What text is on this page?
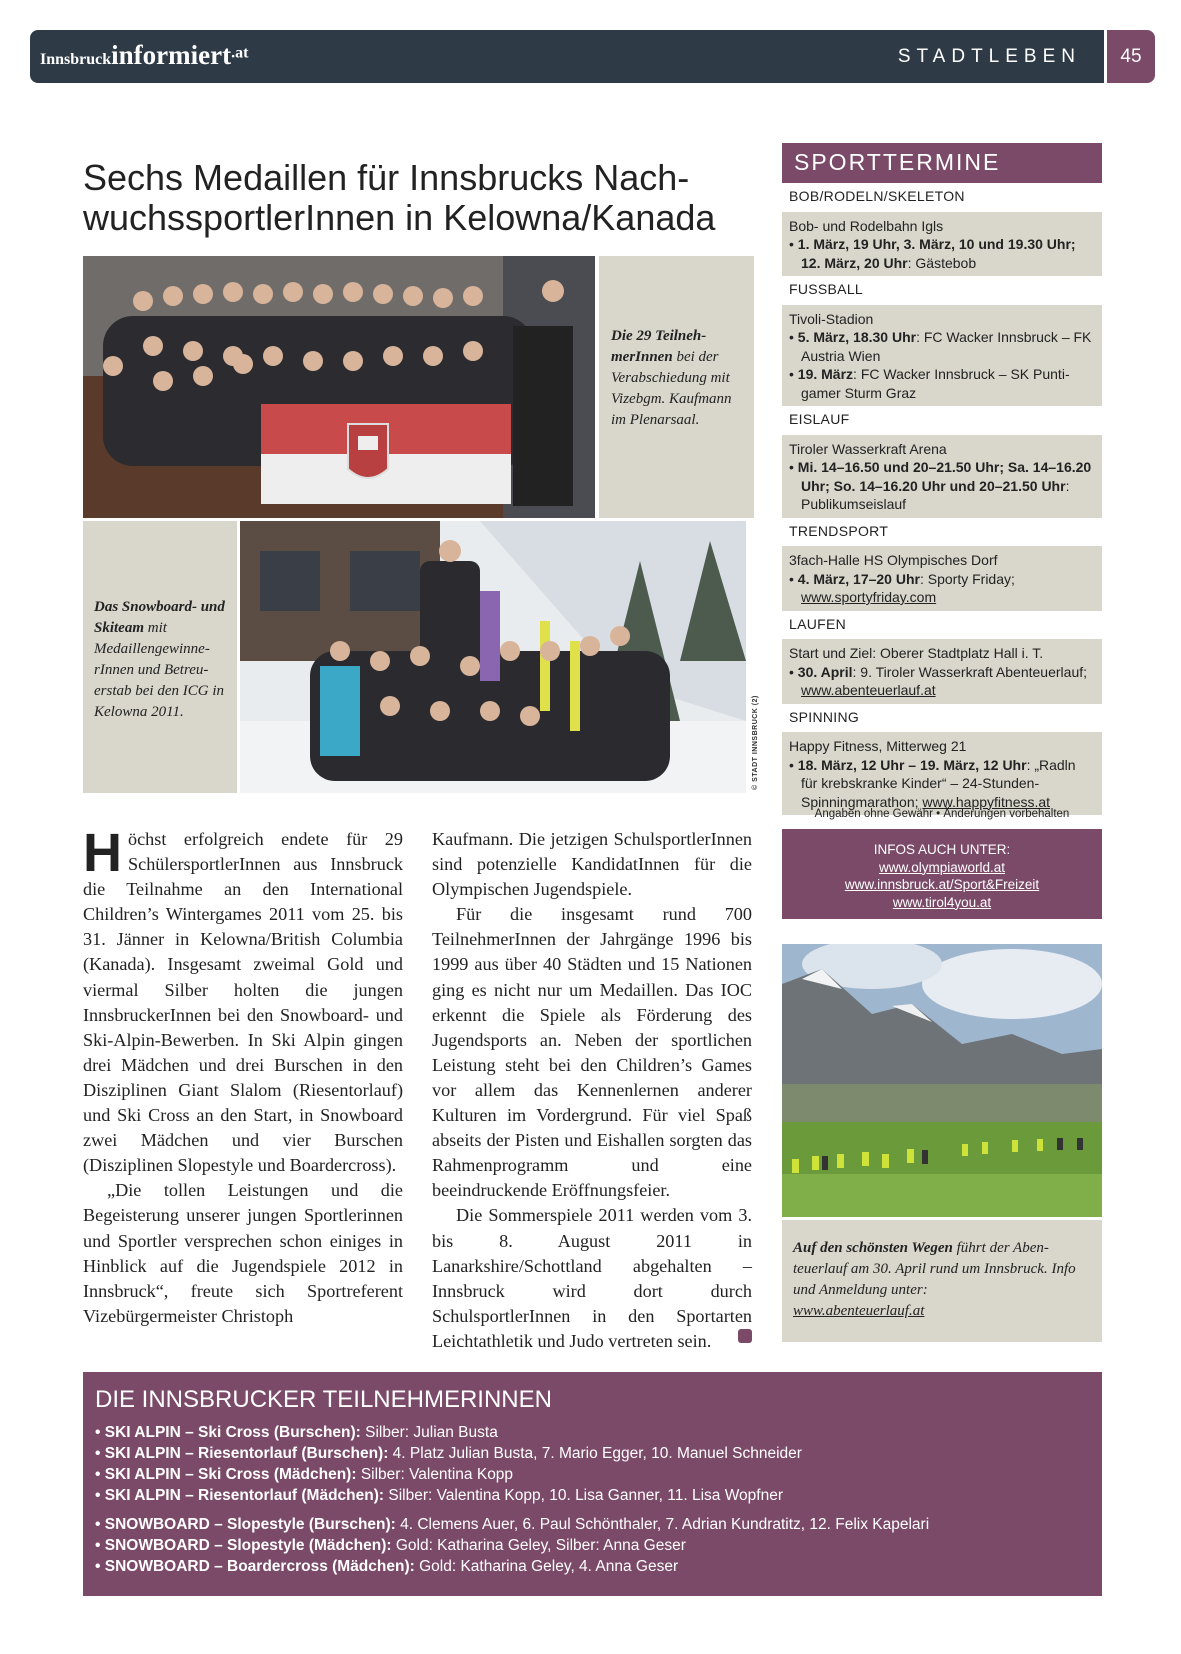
Innsbruckinformiert.at	STADTLEBEN	45
Sechs Medaillen für Innsbrucks Nach-
wuchssportlerInnen in Kelowna/Kanada
Die 29 TeilnehmerInnen bei der Verabschiedung mit Vizebgm. Kaufmann im Plenarsaal.
Das Snowboard- und Skiteam mit MedaillengewinnerInnen und Betreuerstab bei den ICG in Kelowna 2011.	© STADT INNSBRUCK (2)

Höchst erfolgreich endete für 29 SchülersportlerInnen aus Innsbruck die Teilnahme an den International Children’s Wintergames 2011 vom 25. bis 31. Jänner in Kelowna/British Columbia (Kanada). Insgesamt zweimal Gold und viermal Silber holten die jungen InnsbruckerInnen bei den Snowboard- und Ski-Alpin-Bewerben. In Ski Alpin gingen drei Mädchen und drei Burschen in den Disziplinen Giant Slalom (Riesentorlauf) und Ski Cross an den Start, in Snowboard zwei Mädchen und vier Burschen (Disziplinen Slopestyle und Boardercross).

„Die tollen Leistungen und die Begeisterung unserer jungen Sportlerinnen und Sportler versprechen schon einiges in Hinblick auf die Jugendspiele 2012 in Innsbruck“, freute sich Sportreferent Vizebürgermeister Christoph

Kaufmann. Die jetzigen SchulsportlerInnen sind potenzielle KandidatInnen für die Olympischen Jugendspiele.

Für die insgesamt rund 700 TeilnehmerInnen der Jahrgänge 1996 bis 1999 aus über 40 Städten und 15 Nationen ging es nicht nur um Medaillen. Das IOC erkennt die Spiele als Förderung des Jugendsports an. Neben der sportlichen Leistung steht bei den Children’s Games vor allem das Kennenlernen anderer Kulturen im Vordergrund. Für viel Spaß abseits der Pisten und Eishallen sorgten das Rahmenprogramm und eine beeindruckende Eröffnungsfeier.

Die Sommerspiele 2011 werden vom 3. bis 8. August 2011 in Lanarkshire/Schottland abgehalten – Innsbruck wird dort durch SchulsportlerInnen in den Sportarten Leichtathletik und Judo vertreten sein.

SPORTTERMINE
BOB/RODELN/SKELETON
Bob- und Rodelbahn Igls
• 1. März, 19 Uhr, 3. März, 10 und 19.30 Uhr; 12. März, 20 Uhr: Gästebob
FUSSBALL
Tivoli-Stadion
• 5. März, 18.30 Uhr: FC Wacker Innsbruck – FK Austria Wien
• 19. März: FC Wacker Innsbruck – SK Puntigamer Sturm Graz
EISLAUF
Tiroler Wasserkraft Arena
• Mi. 14–16.50 und 20–21.50 Uhr; Sa. 14–16.20 Uhr; So. 14–16.20 Uhr und 20–21.50 Uhr: Publikumseislauf
TRENDSPORT
3fach-Halle HS Olympisches Dorf
• 4. März, 17–20 Uhr: Sporty Friday;
www.sportyfriday.com
LAUFEN
Start und Ziel: Oberer Stadtplatz Hall i. T.
• 30. April: 9. Tiroler Wasserkraft Abenteuerlauf; www.abenteuerlauf.at
SPINNING
Happy Fitness, Mitterweg 21
• 18. März, 12 Uhr – 19. März, 12 Uhr: „Radln für krebskranke Kinder“ – 24-Stunden-Spinningmarathon; www.happyfitness.at
Angaben ohne Gewähr • Änderungen vorbehalten
INFOS AUCH UNTER:
www.olympiaworld.at
www.innsbruck.at/Sport&Freizeit
www.tirol4you.at
Auf den schönsten Wegen führt der Abenteuerlauf am 30. April rund um Innsbruck. Info und Anmeldung unter:
www.abenteuerlauf.at
DIE INNSBRUCKER TEILNEHMERINNEN
• SKI ALPIN – Ski Cross (Burschen): Silber: Julian Busta
• SKI ALPIN – Riesentorlauf (Burschen): 4. Platz Julian Busta, 7. Mario Egger, 10. Manuel Schneider
• SKI ALPIN – Ski Cross (Mädchen): Silber: Valentina Kopp
• SKI ALPIN – Riesentorlauf (Mädchen): Silber: Valentina Kopp, 10. Lisa Ganner, 11. Lisa Wopfner
• SNOWBOARD – Slopestyle (Burschen): 4. Clemens Auer, 6. Paul Schönthaler, 7. Adrian Kundratitz, 12. Felix Kapelari
• SNOWBOARD – Slopestyle (Mädchen): Gold: Katharina Geley, Silber: Anna Geser
• SNOWBOARD – Boardercross (Mädchen): Gold: Katharina Geley, 4. Anna Geser
